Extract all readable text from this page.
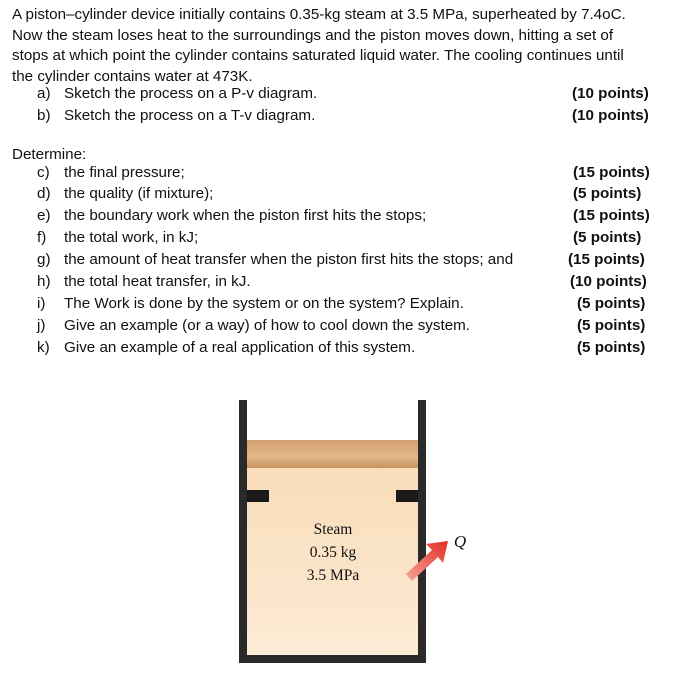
A piston–cylinder device initially contains 0.35-kg steam at 3.5 MPa, superheated by 7.4oC.
Now the steam loses heat to the surroundings and the piston moves down, hitting a set of
stops at which point the cylinder contains saturated liquid water. The cooling continues until
the cylinder contains water at 473K.

a) Sketch the process on a P-v diagram.	(10 points)
b) Sketch the process on a T-v diagram.	(10 points)

Determine:

c) the final pressure;	(15 points)
d) the quality (if mixture);	(5 points)
e) the boundary work when the piston first hits the stops;	(15 points)
f) the total work, in kJ;	(5 points)
g) the amount of heat transfer when the piston first hits the stops; and	(15 points)
h) the total heat transfer, in kJ.	(10 points)
i) The Work is done by the system or on the system? Explain.	(5 points)
j) Give an example (or a way) of how to cool down the system.	(5 points)
k) Give an example of a real application of this system.	(5 points)
Steam
0.35 kg
3.5 MPa
Q
